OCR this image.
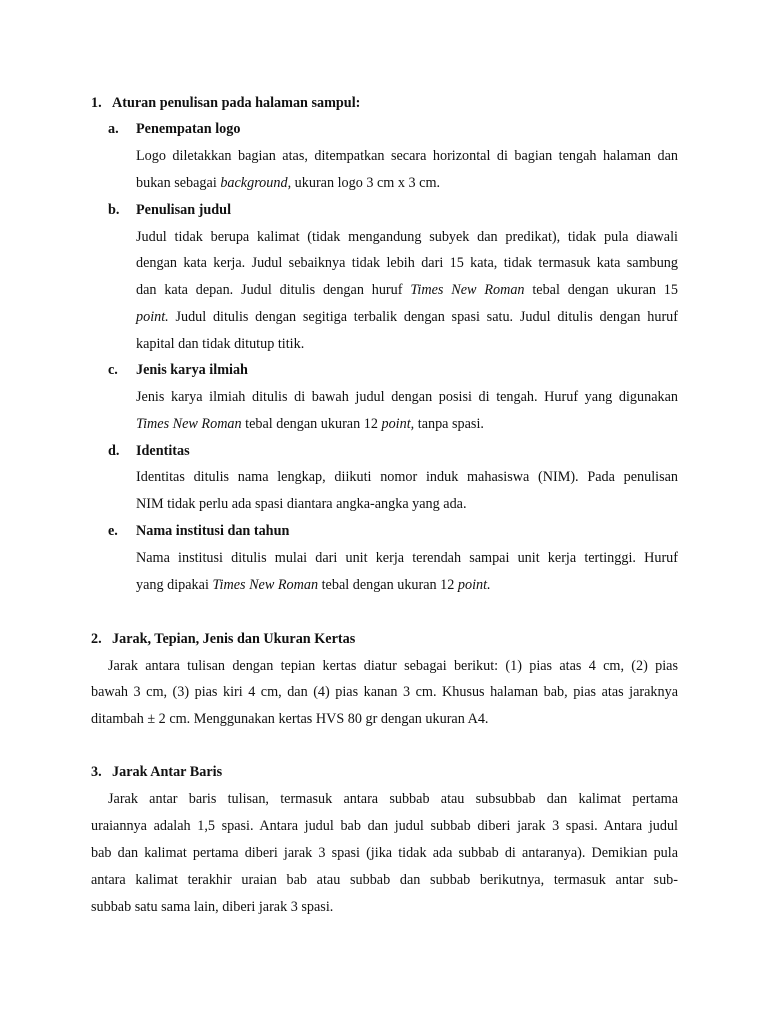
1. Aturan penulisan pada halaman sampul:
a. Penempatan logo
Logo diletakkan bagian atas, ditempatkan secara horizontal di bagian tengah halaman dan
bukan sebagai background, ukuran logo 3 cm x 3 cm.
b. Penulisan judul
Judul tidak berupa kalimat (tidak mengandung subyek dan predikat), tidak pula diawali
dengan kata kerja. Judul sebaiknya tidak lebih dari 15 kata, tidak termasuk kata sambung
dan kata depan. Judul ditulis dengan huruf Times New Roman tebal dengan ukuran 15
point. Judul ditulis dengan segitiga terbalik dengan spasi satu. Judul ditulis dengan huruf
kapital dan tidak ditutup titik.
c. Jenis karya ilmiah
Jenis karya ilmiah ditulis di bawah judul dengan posisi di tengah. Huruf yang digunakan
Times New Roman tebal dengan ukuran 12 point, tanpa spasi.
d. Identitas
Identitas ditulis nama lengkap, diikuti nomor induk mahasiswa (NIM). Pada penulisan
NIM tidak perlu ada spasi diantara angka-angka yang ada.
e. Nama institusi dan tahun
Nama institusi ditulis mulai dari unit kerja terendah sampai unit kerja tertinggi. Huruf
yang dipakai Times New Roman tebal dengan ukuran 12 point.
2. Jarak, Tepian, Jenis dan Ukuran Kertas
Jarak antara tulisan dengan tepian kertas diatur sebagai berikut: (1) pias atas 4 cm, (2) pias
bawah 3 cm, (3) pias kiri 4 cm, dan (4) pias kanan 3 cm. Khusus halaman bab, pias atas jaraknya
ditambah ± 2 cm. Menggunakan kertas HVS 80 gr dengan ukuran A4.
3. Jarak Antar Baris
Jarak antar baris tulisan, termasuk antara subbab atau subsubbab dan kalimat pertama
uraiannya adalah 1,5 spasi. Antara judul bab dan judul subbab diberi jarak 3 spasi. Antara judul
bab dan kalimat pertama diberi jarak 3 spasi (jika tidak ada subbab di antaranya). Demikian pula
antara kalimat terakhir uraian bab atau subbab dan subbab berikutnya, termasuk antar sub-
subbab satu sama lain, diberi jarak 3 spasi.
